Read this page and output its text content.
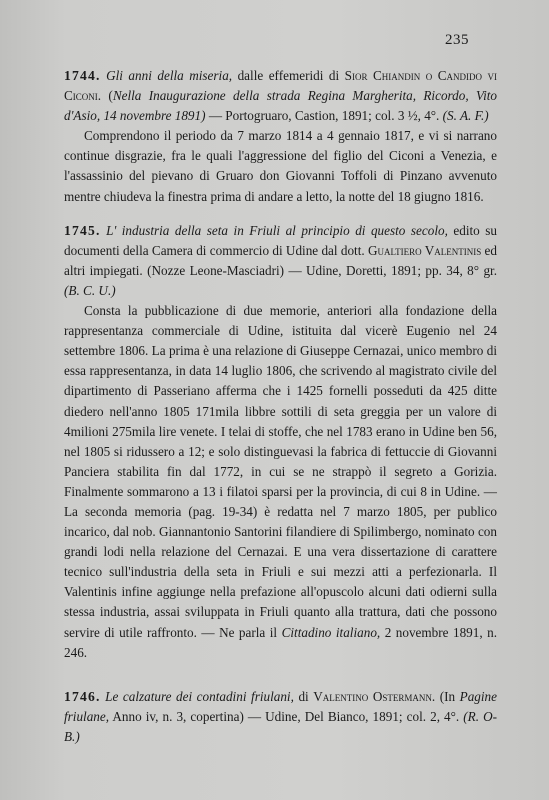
235

1744. Gli anni della miseria, dalle effemeridi di Sior Chiandin o Candido vi Ciconi. (Nella Inaugurazione della strada Regina Margherita, Ricordo, Vito d'Asio, 14 novembre 1891) — Portogruaro, Castion, 1891; col. 3 ½, 4°. (S. A. F.)

Comprendono il periodo da 7 marzo 1814 a 4 gennaio 1817, e vi si narrano continue disgrazie, fra le quali l'aggressione del figlio del Ciconi a Venezia, e l'assassinio del pievano di Gruaro don Giovanni Toffoli di Pinzano avvenuto mentre chiudeva la finestra prima di andare a letto, la notte del 18 giugno 1816.

1745. L' industria della seta in Friuli al principio di questo secolo, edito su documenti della Camera di commercio di Udine dal dott. Gualtiero Valentinis ed altri impiegati. (Nozze Leone-Masciadri) — Udine, Doretti, 1891; pp. 34, 8° gr. (B. C. U.)

Consta la pubblicazione di due memorie, anteriori alla fondazione della rappresentanza commerciale di Udine, istituita dal vicerè Eugenio nel 24 settembre 1806. La prima è una relazione di Giuseppe Cernazai, unico membro di essa rappresentanza, in data 14 luglio 1806, che scrivendo al magistrato civile del dipartimento di Passeriano afferma che i 1425 fornelli posseduti da 425 ditte diedero nell'anno 1805 171mila libbre sottili di seta greggia per un valore di 4milioni 275mila lire venete. I telai di stoffe, che nel 1783 erano in Udine ben 56, nel 1805 si ridussero a 12; e solo distinguevasi la fabrica di fettuccie di Giovanni Panciera stabilita fin dal 1772, in cui se ne strappò il segreto a Gorizia. Finalmente sommarono a 13 i filatoi sparsi per la provincia, di cui 8 in Udine. — La seconda memoria (pag. 19-34) è redatta nel 7 marzo 1805, per publico incarico, dal nob. Giannantonio Santorini filandiere di Spilimbergo, nominato con grandi lodi nella relazione del Cernazai. E una vera dissertazione di carattere tecnico sull'industria della seta in Friuli e sui mezzi atti a perfezionarla. Il Valentinis infine aggiunge nella prefazione all'opuscolo alcuni dati odierni sulla stessa industria, assai sviluppata in Friuli quanto alla trattura, dati che possono servire di utile raffronto. — Ne parla il Cittadino italiano, 2 novembre 1891, n. 246.

1746. Le calzature dei contadini friulani, di Valentino Ostermann. (In Pagine friulane, Anno iv, n. 3, copertina) — Udine, Del Bianco, 1891; col. 2, 4°. (R. O-B.)
